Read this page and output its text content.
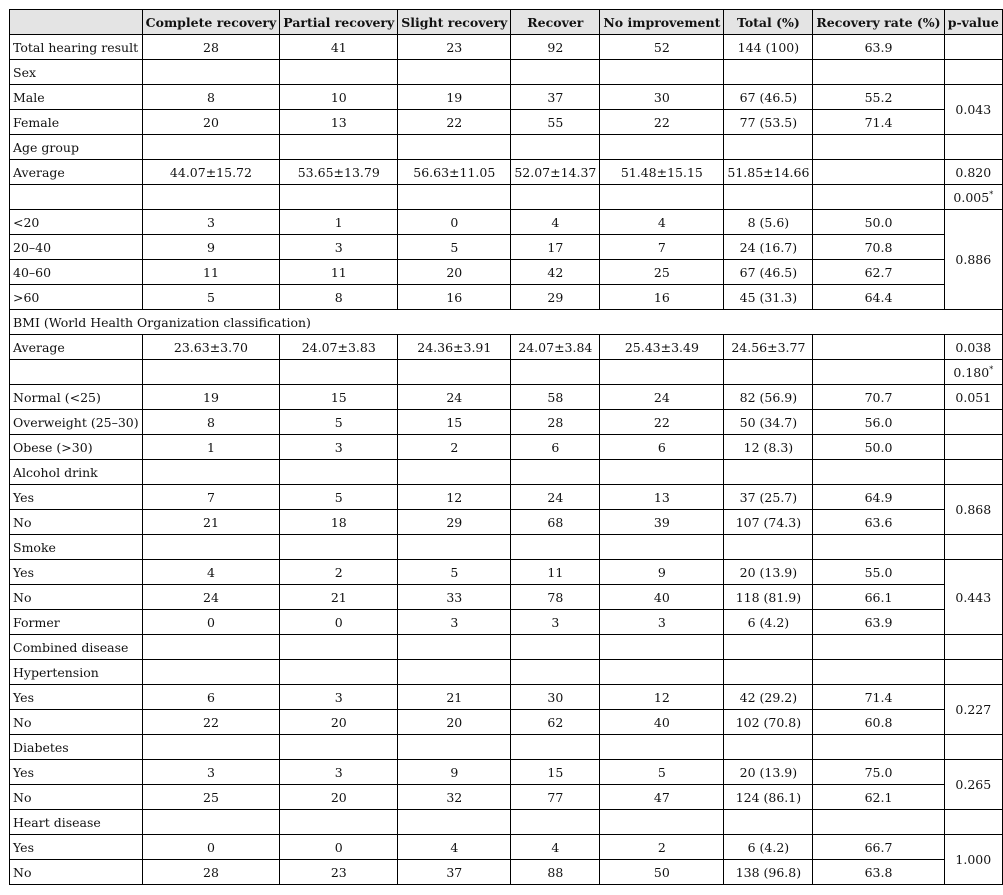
	Complete recovery	Partial recovery	Slight recovery	Recover	No improvement	Total (%)	Recovery rate (%)	p-value
Total hearing result	28	41	23	92	52	144 (100)	63.9	
Sex								
Male	8	10	19	37	30	67 (46.5)	55.2	0.043
Female	20	13	22	55	22	77 (53.5)	71.4	
Age group								
Average	44.07±15.72	53.65±13.79	56.63±11.05	52.07±14.37	51.48±15.15	51.85±14.66		0.820
								0.005*
<20	3	1	0	4	4	8 (5.6)	50.0	0.886
20–40	9	3	5	17	7	24 (16.7)	70.8	
40–60	11	11	20	42	25	67 (46.5)	62.7	
>60	5	8	16	29	16	45 (31.3)	64.4	
BMI (World Health Organization classification)								
Average	23.63±3.70	24.07±3.83	24.36±3.91	24.07±3.84	25.43±3.49	24.56±3.77		0.038
								0.180*
Normal (<25)	19	15	24	58	24	82 (56.9)	70.7	0.051
Overweight (25–30)	8	5	15	28	22	50 (34.7)	56.0	
Obese (>30)	1	3	2	6	6	12 (8.3)	50.0	
Alcohol drink								
Yes	7	5	12	24	13	37 (25.7)	64.9	0.868
No	21	18	29	68	39	107 (74.3)	63.6	
Smoke								
Yes	4	2	5	11	9	20 (13.9)	55.0	0.443
No	24	21	33	78	40	118 (81.9)	66.1	
Former	0	0	3	3	3	6 (4.2)	63.9	
Combined disease								
Hypertension								
Yes	6	3	21	30	12	42 (29.2)	71.4	0.227
No	22	20	20	62	40	102 (70.8)	60.8	
Diabetes								
Yes	3	3	9	15	5	20 (13.9)	75.0	0.265
No	25	20	32	77	47	124 (86.1)	62.1	
Heart disease								
Yes	0	0	4	4	2	6 (4.2)	66.7	1.000
No	28	23	37	88	50	138 (96.8)	63.8	
